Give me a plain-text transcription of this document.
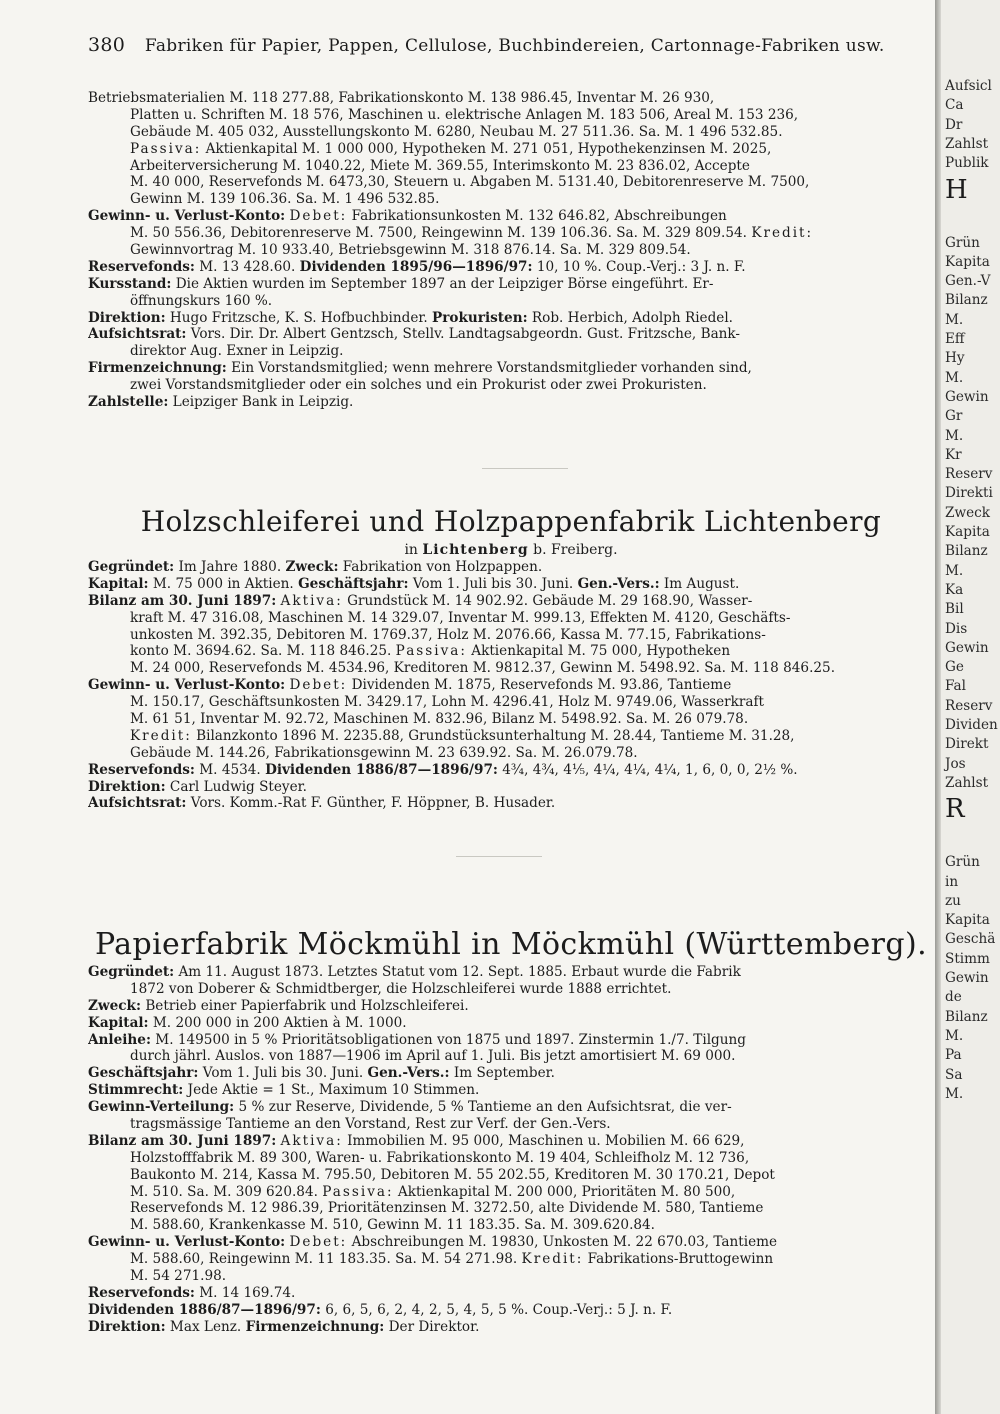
380 Fabriken für Papier, Pappen, Cellulose, Buchbindereien, Cartonnage-Fabriken usw.
Betriebsmaterialien M. 118 277.88, Fabrikationskonto M. 138 986.45, Inventar M. 26 930,
Platten u. Schriften M. 18 576, Maschinen u. elektrische Anlagen M. 183 506, Areal M. 153 236,
Gebäude M. 405 032, Ausstellungskonto M. 6280, Neubau M. 27 511.36. Sa. M. 1 496 532.85.
Passiva: Aktienkapital M. 1 000 000, Hypotheken M. 271 051, Hypothekenzinsen M. 2025,
Arbeiterversicherung M. 1040.22, Miete M. 369.55, Interimskonto M. 23 836.02, Accepte
M. 40 000, Reservefonds M. 6473,30, Steuern u. Abgaben M. 5131.40, Debitorenreserve M. 7500,
Gewinn M. 139 106.36. Sa. M. 1 496 532.85.
Gewinn- u. Verlust-Konto: Debet: Fabrikationsunkosten M. 132 646.82, Abschreibungen
M. 50 556.36, Debitorenreserve M. 7500, Reingewinn M. 139 106.36. Sa. M. 329 809.54. Kredit:
Gewinnvortrag M. 10 933.40, Betriebsgewinn M. 318 876.14. Sa. M. 329 809.54.
Reservefonds: M. 13 428.60. Dividenden 1895/96—1896/97: 10, 10 %. Coup.-Verj.: 3 J. n. F.
Kursstand: Die Aktien wurden im September 1897 an der Leipziger Börse eingeführt. Er-
öffnungskurs 160 %.
Direktion: Hugo Fritzsche, K. S. Hofbuchbinder. Prokuristen: Rob. Herbich, Adolph Riedel.
Aufsichtsrat: Vors. Dir. Dr. Albert Gentzsch, Stellv. Landtagsabgeordn. Gust. Fritzsche, Bank-
direktor Aug. Exner in Leipzig.
Firmenzeichnung: Ein Vorstandsmitglied; wenn mehrere Vorstandsmitglieder vorhanden sind,
zwei Vorstandsmitglieder oder ein solches und ein Prokurist oder zwei Prokuristen.
Zahlstelle: Leipziger Bank in Leipzig.
Holzschleiferei und Holzpappenfabrik Lichtenberg
in Lichtenberg b. Freiberg.
Gegründet: Im Jahre 1880. Zweck: Fabrikation von Holzpappen.
Kapital: M. 75 000 in Aktien. Geschäftsjahr: Vom 1. Juli bis 30. Juni. Gen.-Vers.: Im August.
Bilanz am 30. Juni 1897: Aktiva: Grundstück M. 14 902.92. Gebäude M. 29 168.90, Wasser-
kraft M. 47 316.08, Maschinen M. 14 329.07, Inventar M. 999.13, Effekten M. 4120, Geschäfts-
unkosten M. 392.35, Debitoren M. 1769.37, Holz M. 2076.66, Kassa M. 77.15, Fabrikations-
konto M. 3694.62. Sa. M. 118 846.25. Passiva: Aktienkapital M. 75 000, Hypotheken
M. 24 000, Reservefonds M. 4534.96, Kreditoren M. 9812.37, Gewinn M. 5498.92. Sa. M. 118 846.25.
Gewinn- u. Verlust-Konto: Debet: Dividenden M. 1875, Reservefonds M. 93.86, Tantieme
M. 150.17, Geschäftsunkosten M. 3429.17, Lohn M. 4296.41, Holz M. 9749.06, Wasserkraft
M. 61 51, Inventar M. 92.72, Maschinen M. 832.96, Bilanz M. 5498.92. Sa. M. 26 079.78.
Kredit: Bilanzkonto 1896 M. 2235.88, Grundstücksunterhaltung M. 28.44, Tantieme M. 31.28,
Gebäude M. 144.26, Fabrikationsgewinn M. 23 639.92. Sa. M. 26.079.78.
Reservefonds: M. 4534. Dividenden 1886/87—1896/97: 4¾, 4¾, 4⅕, 4¼, 4¼, 4¼, 1, 6, 0, 0, 2½ %.
Direktion: Carl Ludwig Steyer.
Aufsichtsrat: Vors. Komm.-Rat F. Günther, F. Höppner, B. Husader.
Papierfabrik Möckmühl in Möckmühl (Württemberg).
Gegründet: Am 11. August 1873. Letztes Statut vom 12. Sept. 1885. Erbaut wurde die Fabrik
1872 von Doberer & Schmidtberger, die Holzschleiferei wurde 1888 errichtet.
Zweck: Betrieb einer Papierfabrik und Holzschleiferei.
Kapital: M. 200 000 in 200 Aktien à M. 1000.
Anleihe: M. 149500 in 5 % Prioritätsobligationen von 1875 und 1897. Zinstermin 1./7. Tilgung
durch jährl. Auslos. von 1887—1906 im April auf 1. Juli. Bis jetzt amortisiert M. 69 000.
Geschäftsjahr: Vom 1. Juli bis 30. Juni. Gen.-Vers.: Im September.
Stimmrecht: Jede Aktie = 1 St., Maximum 10 Stimmen.
Gewinn-Verteilung: 5 % zur Reserve, Dividende, 5 % Tantieme an den Aufsichtsrat, die ver-
tragsmässige Tantieme an den Vorstand, Rest zur Verf. der Gen.-Vers.
Bilanz am 30. Juni 1897: Aktiva: Immobilien M. 95 000, Maschinen u. Mobilien M. 66 629,
Holzstofffabrik M. 89 300, Waren- u. Fabrikationskonto M. 19 404, Schleifholz M. 12 736,
Baukonto M. 214, Kassa M. 795.50, Debitoren M. 55 202.55, Kreditoren M. 30 170.21, Depot
M. 510. Sa. M. 309 620.84. Passiva: Aktienkapital M. 200 000, Prioritäten M. 80 500,
Reservefonds M. 12 986.39, Prioritätenzinsen M. 3272.50, alte Dividende M. 580, Tantieme
M. 588.60, Krankenkasse M. 510, Gewinn M. 11 183.35. Sa. M. 309.620.84.
Gewinn- u. Verlust-Konto: Debet: Abschreibungen M. 19830, Unkosten M. 22 670.03, Tantieme
M. 588.60, Reingewinn M. 11 183.35. Sa. M. 54 271.98. Kredit: Fabrikations-Bruttogewinn
M. 54 271.98.
Reservefonds: M. 14 169.74.
Dividenden 1886/87—1896/97: 6, 6, 5, 6, 2, 4, 2, 5, 4, 5, 5 %. Coup.-Verj.: 5 J. n. F.
Direktion: Max Lenz. Firmenzeichnung: Der Direktor.
Aufsicl
Ca
Dr
Zahlst
Publik
H
Grün
Kapita
Gen.-V
Bilanz
M.
Eff
Hy
M.
Gewin
Gr
M.
Kr
Reserv
Direkti
Zweck
Kapita
Bilanz
M.
Ka
Bil
Dis
Gewin
Ge
Fal
Reserv
Dividen
Direkt
Jos
Zahlst
R
Grün
in
zu
Kapita
Geschä
Stimm
Gewin
de
Bilanz
M.
Pa
Sa
M.
